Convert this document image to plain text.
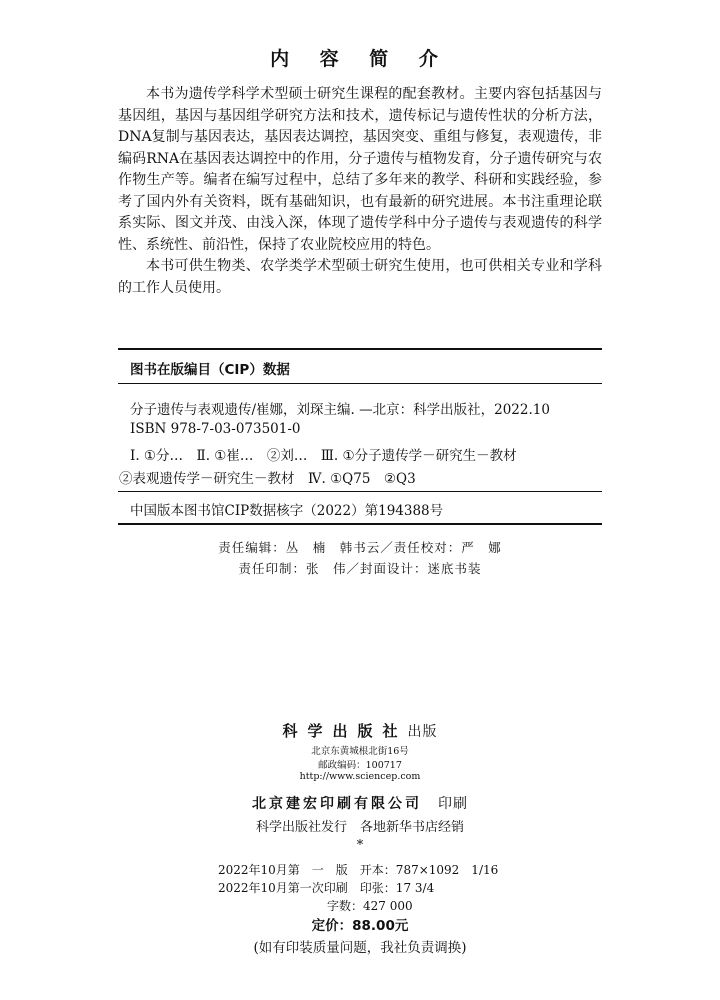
内 容 简 介

本书为遗传学科学术型硕士研究生课程的配套教材。主要内容包括基因与基因组，基因与基因组学研究方法和技术，遗传标记与遗传性状的分析方法，DNA复制与基因表达，基因表达调控，基因突变、重组与修复，表观遗传，非编码RNA在基因表达调控中的作用，分子遗传与植物发育，分子遗传研究与农作物生产等。编者在编写过程中，总结了多年来的教学、科研和实践经验，参考了国内外有关资料，既有基础知识，也有最新的研究进展。本书注重理论联系实际、图文并茂、由浅入深，体现了遗传学科中分子遗传与表观遗传的科学性、系统性、前沿性，保持了农业院校应用的特色。

本书可供生物类、农学类学术型硕士研究生使用，也可供相关专业和学科的工作人员使用。

图书在版编目（CIP）数据
分子遗传与表观遗传/崔娜，刘琛主编. —北京：科学出版社，2022.10
ISBN 978-7-03-073501-0
Ⅰ. ①分…　Ⅱ. ①崔…　②刘…　Ⅲ. ①分子遗传学－研究生－教材
②表观遗传学－研究生－教材　Ⅳ. ①Q75　②Q3
中国版本图书馆CIP数据核字（2022）第194388号
责任编辑：丛　楠　韩书云／责任校对：严　娜
责任印制：张　伟／封面设计：迷底书装
科学出版社出版
北京东黄城根北街16号
邮政编码：100717
http://www.sciencep.com
北京建宏印刷有限公司　 印刷
科学出版社发行　各地新华书店经销
*
2022年10月第　一　版　开本：787×1092　1/16
2022年10月第一次印刷　印张：17 3/4
字数：427 000
定价：88.00元
(如有印装质量问题，我社负责调换)
